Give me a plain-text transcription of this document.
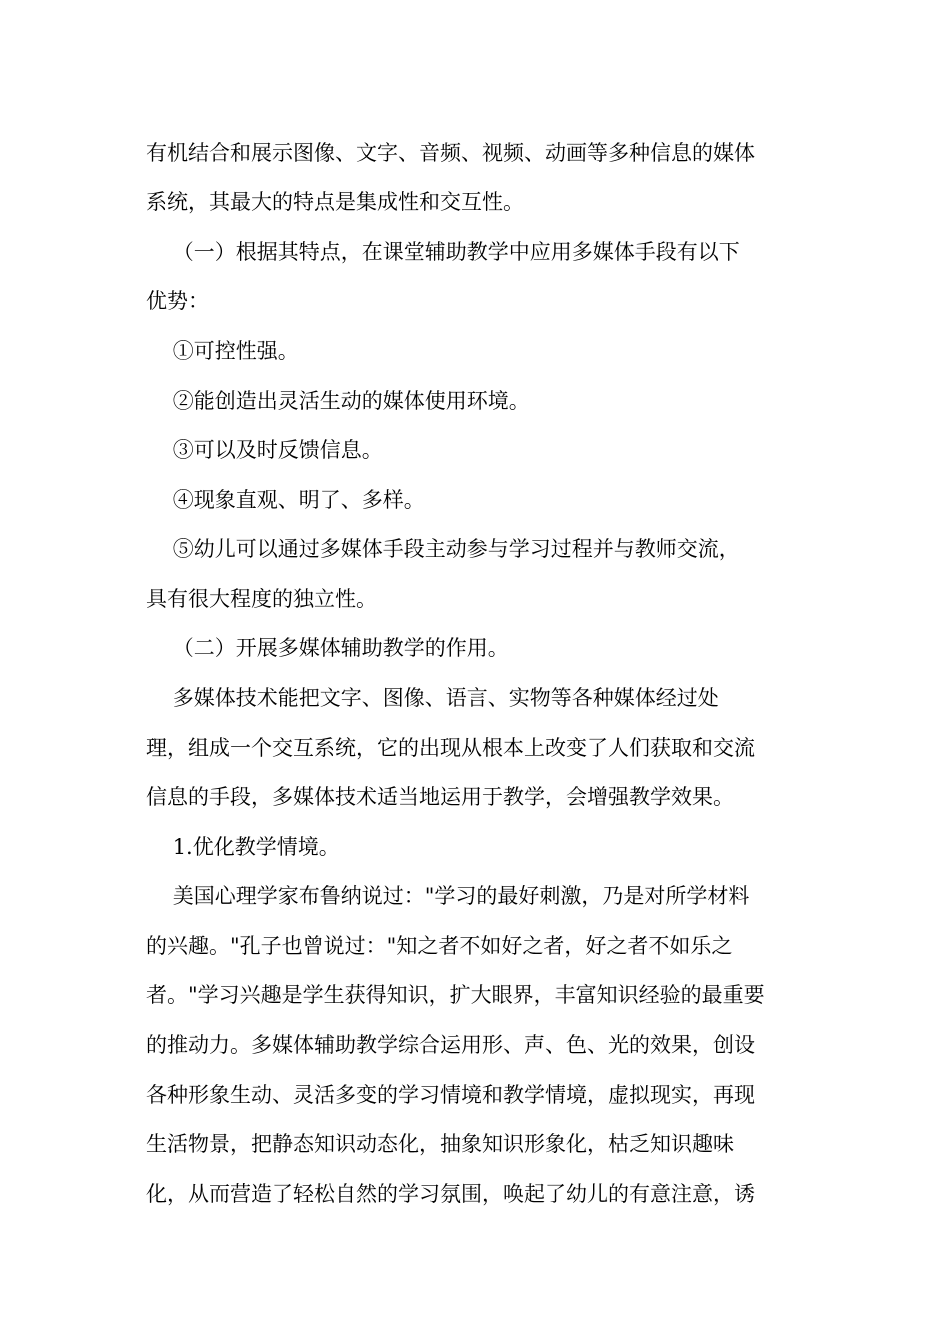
有机结合和展示图像、文字、音频、视频、动画等多种信息的媒体
系统，其最大的特点是集成性和交互性。
（一）根据其特点，在课堂辅助教学中应用多媒体手段有以下
优势：
①可控性强。
②能创造出灵活生动的媒体使用环境。
③可以及时反馈信息。
④现象直观、明了、多样。
⑤幼儿可以通过多媒体手段主动参与学习过程并与教师交流，
具有很大程度的独立性。
（二）开展多媒体辅助教学的作用。
多媒体技术能把文字、图像、语言、实物等各种媒体经过处
理，组成一个交互系统，它的出现从根本上改变了人们获取和交流
信息的手段，多媒体技术适当地运用于教学，会增强教学效果。
1.优化教学情境。
美国心理学家布鲁纳说过："学习的最好刺激，乃是对所学材料
的兴趣。"孔子也曾说过："知之者不如好之者，好之者不如乐之
者。"学习兴趣是学生获得知识，扩大眼界，丰富知识经验的最重要
的推动力。多媒体辅助教学综合运用形、声、色、光的效果，创设
各种形象生动、灵活多变的学习情境和教学情境，虚拟现实，再现
生活物景，把静态知识动态化，抽象知识形象化，枯乏知识趣味
化，从而营造了轻松自然的学习氛围，唤起了幼儿的有意注意，诱
